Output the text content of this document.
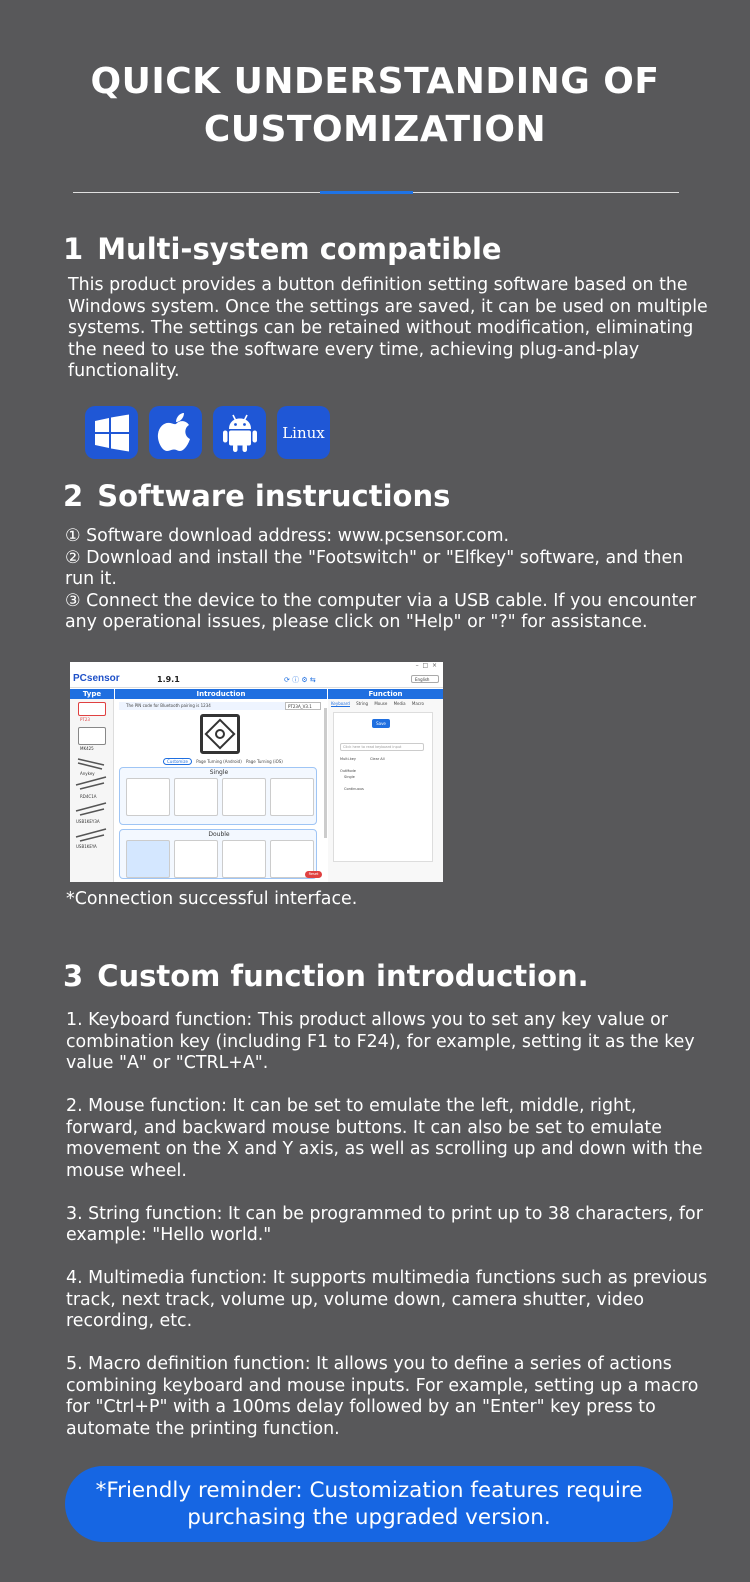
QUICK UNDERSTANDING OF
CUSTOMIZATION
1 Multi-system compatible
This product provides a button definition setting software based on the Windows system. Once the settings are saved, it can be used on multiple systems. The settings can be retained without modification, eliminating the need to use the software every time, achieving plug-and-play functionality.
Linux
2 Software instructions
① Software download address: www.pcsensor.com.
② Download and install the "Footswitch" or "Elfkey" software, and then run it.
③ Connect the device to the computer via a USB cable. If you encounter any operational issues, please click on "Help" or "?" for assistance.
–  □  ×
PCsensor	1.9.1	⟳ ⓘ ⚙ ⇆	English
Type	Introduction	Function
PT23
MK425
Anykey
RD4C1A
USB1KEY3A
USB1KEYA
The PIN code for Bluetooth pairing is 1234	PT23A_V3.1
Customize Page Turning (Android) Page Turning (iOS)
Single
Double
Reset
Keyboard String Mouse Media Macro
Save
Click here to read keyboard input
Multi-key	Clear All
OutMode
Single
Continuous
*Connection successful interface.
3 Custom function introduction.
1. Keyboard function: This product allows you to set any key value or combination key (including F1 to F24), for example, setting it as the key value "A" or "CTRL+A".
2. Mouse function: It can be set to emulate the left, middle, right, forward, and backward mouse buttons. It can also be set to emulate movement on the X and Y axis, as well as scrolling up and down with the mouse wheel.
3. String function: It can be programmed to print up to 38 characters, for example: "Hello world."
4. Multimedia function: It supports multimedia functions such as previous track, next track, volume up, volume down, camera shutter, video recording, etc.
5. Macro definition function: It allows you to define a series of actions combining keyboard and mouse inputs. For example, setting up a macro for "Ctrl+P" with a 100ms delay followed by an "Enter" key press to automate the printing function.
*Friendly reminder: Customization features require
purchasing the upgraded version.
